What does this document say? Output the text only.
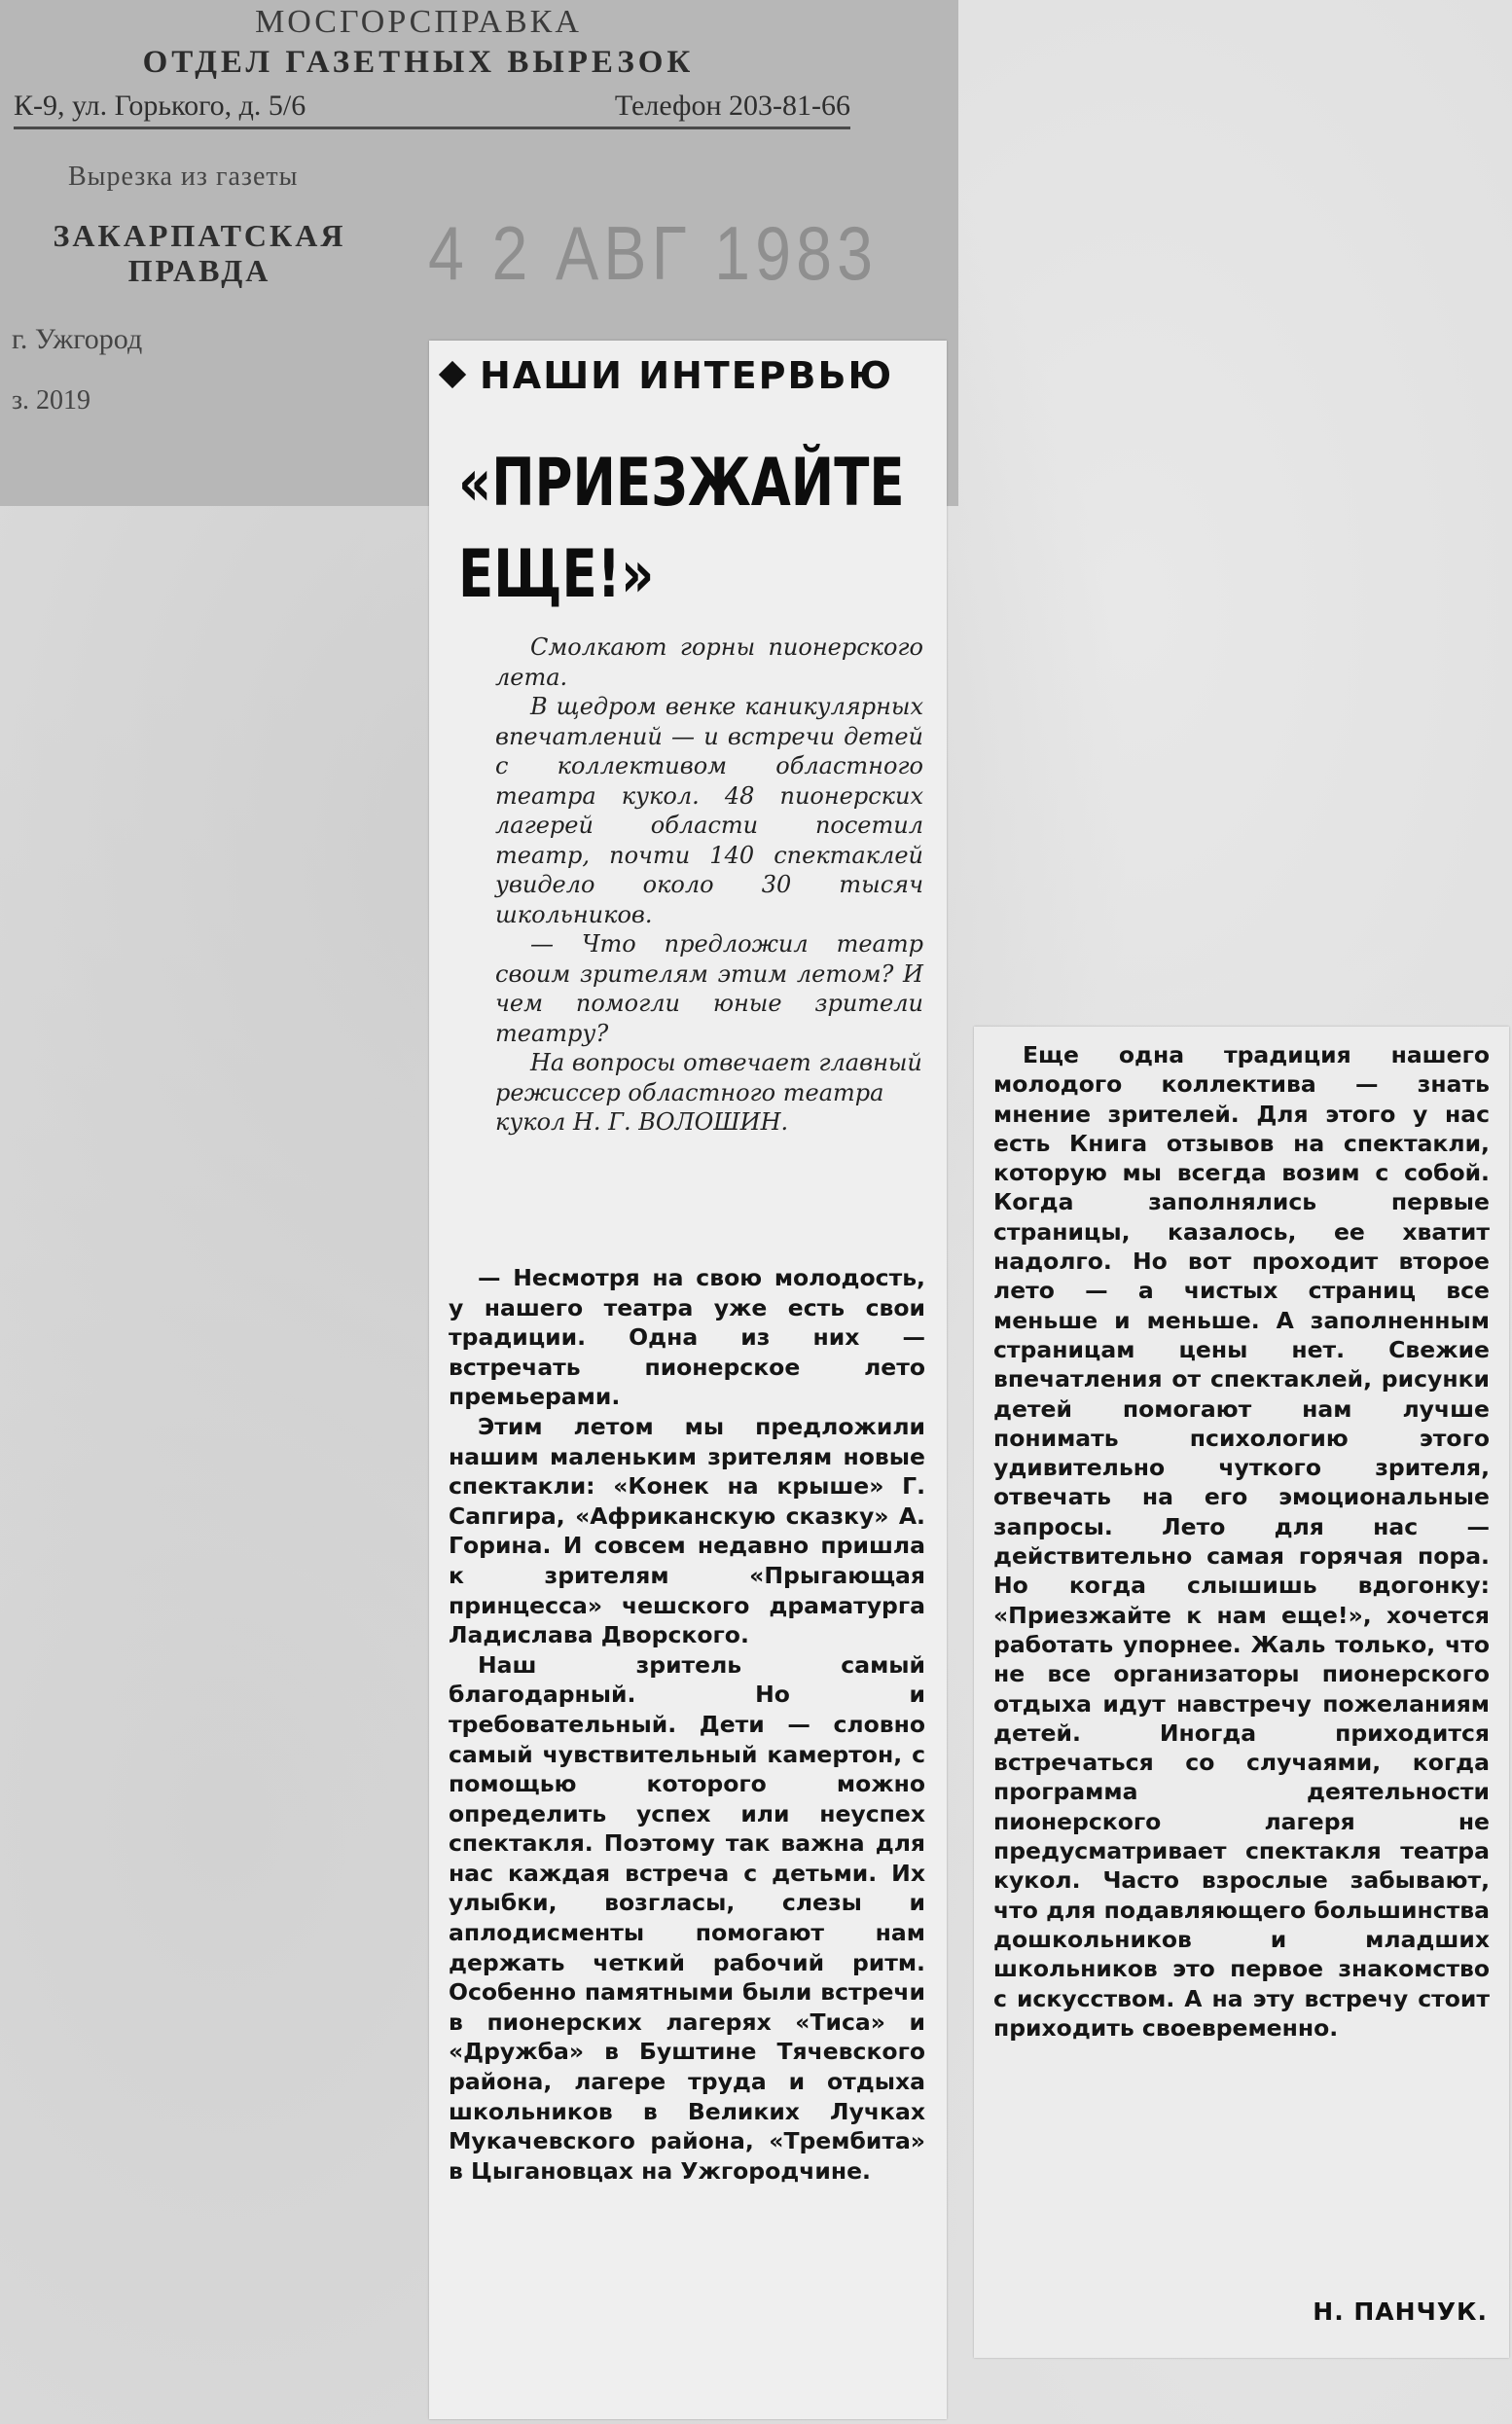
МОСГОРСПРАВКА
ОТДЕЛ ГАЗЕТНЫХ ВЫРЕЗОК
К-9, ул. Горького, д. 5/6	Телефон 203-81-66
Вырезка из газеты
ЗАКАРПАТСКАЯ
ПРАВДА	4 2 АВГ 1983
г. Ужгород
з. 2019
НАШИ ИНТЕРВЬЮ
«ПРИЕЗЖАЙТЕ
ЕЩЕ!»

Смолкают горны пионерского лета.

В щедром венке каникулярных впечатлений — и встречи детей с коллективом областного театра кукол. 48 пионерских лагерей области посетил театр, почти 140 спектаклей увидело около 30 тысяч школьников.

— Что предложил театр своим зрителям этим летом? И чем помогли юные зрители театру?

На вопросы отвечает главный режиссер областного театра кукол Н. Г. ВОЛОШИН.

— Несмотря на свою молодость, у нашего театра уже есть свои традиции. Одна из них — встречать пионерское лето премьерами.

Этим летом мы предложили нашим маленьким зрителям новые спектакли: «Конек на крыше» Г. Сапгира, «Африканскую сказку» А. Горина. И совсем недавно пришла к зрителям «Прыгающая принцесса» чешского драматурга Ладислава Дворского.

Наш зритель самый благодарный. Но и требовательный. Дети — словно самый чувствительный камертон, с помощью которого можно определить успех или неуспех спектакля. Поэтому так важна для нас каждая встреча с детьми. Их улыбки, возгласы, слезы и аплодисменты помогают нам держать четкий рабочий ритм. Особенно памятными были встречи в пионерских лагерях «Тиса» и «Дружба» в Буштине Тячевского района, лагере труда и отдыха школьников в Великих Лучках Мукачевского района, «Трембита» в Цыгановцах на Ужгородчине.

Еще одна традиция нашего молодого коллектива — знать мнение зрителей. Для этого у нас есть Книга отзывов на спектакли, которую мы всегда возим с собой. Когда заполнялись первые страницы, казалось, ее хватит надолго. Но вот проходит второе лето — а чистых страниц все меньше и меньше. А заполненным страницам цены нет. Свежие впечатления от спектаклей, рисунки детей помогают нам лучше понимать психологию этого удивительно чуткого зрителя, отвечать на его эмоциональные запросы. Лето для нас — действительно самая горячая пора. Но когда слышишь вдогонку: «Приезжайте к нам еще!», хочется работать упорнее. Жаль только, что не все организаторы пионерского отдыха идут навстречу пожеланиям детей. Иногда приходится встречаться со случаями, когда программа деятельности пионерского лагеря не предусматривает спектакля театра кукол. Часто взрослые забывают, что для подавляющего большинства дошкольников и младших школьников это первое знакомство с искусством. А на эту встречу стоит приходить своевременно.

Н. ПАНЧУК.
